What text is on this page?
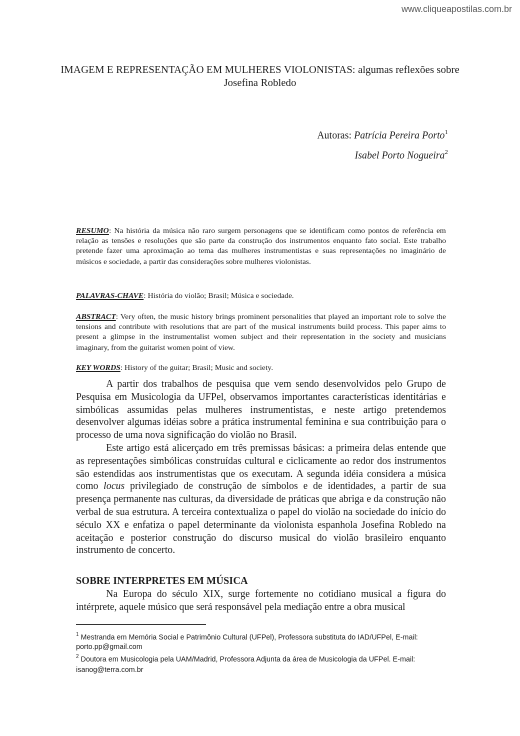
www.cliqueapostilas.com.br
IMAGEM E REPRESENTAÇÃO EM MULHERES VIOLONISTAS: algumas reflexões sobre Josefina Robledo
Autoras: Patrícia Pereira Porto$^1$
Isabel Porto Nogueira$^2$
RESUMO: Na história da música não raro surgem personagens que se identificam como pontos de referência em relação as tensões e resoluções que são parte da construção dos instrumentos enquanto fato social. Este trabalho pretende fazer uma aproximação ao tema das mulheres instrumentistas e suas representações no imaginário de músicos e sociedade, a partir das considerações sobre mulheres violonistas.
PALAVRAS-CHAVE: História do violão; Brasil; Música e sociedade.
ABSTRACT: Very often, the music history brings prominent personalities that played an important role to solve the tensions and contribute with resolutions that are part of the musical instruments build process. This paper aims to present a glimpse in the instrumentalist women subject and their representation in the society and musicians imaginary, from the guitarist women point of view.
KEY WORDS: History of the guitar; Brasil; Music and society.

A partir dos trabalhos de pesquisa que vem sendo desenvolvidos pelo Grupo de Pesquisa em Musicologia da UFPel, observamos importantes características identitárias e simbólicas assumidas pelas mulheres instrumentistas, e neste artigo pretendemos desenvolver algumas idéias sobre a prática instrumental feminina e sua contribuição para o processo de uma nova significação do violão no Brasil.

Este artigo está alicerçado em três premissas básicas: a primeira delas entende que as representações simbólicas construídas cultural e ciclicamente ao redor dos instrumentos são estendidas aos instrumentistas que os executam. A segunda idéia considera a música como locus privilegiado de construção de símbolos e de identidades, a partir de sua presença permanente nas culturas, da diversidade de práticas que abriga e da construção não verbal de sua estrutura. A terceira contextualiza o papel do violão na sociedade do início do século XX e enfatiza o papel determinante da violonista espanhola Josefina Robledo na aceitação e posterior construção do discurso musical do violão brasileiro enquanto instrumento de concerto.

SOBRE INTERPRETES EM MÚSICA

Na Europa do século XIX, surge fortemente no cotidiano musical a figura do intérprete, aquele músico que será responsável pela mediação entre a obra musical

$^1$ Mestranda em Memória Social e Patrimônio Cultural (UFPel), Professora substituta do IAD/UFPel, E-mail: porto.pp@gmail.com

$^2$ Doutora em Musicologia pela UAM/Madrid, Professora Adjunta da área de Musicologia da UFPel. E-mail: isanog@terra.com.br
